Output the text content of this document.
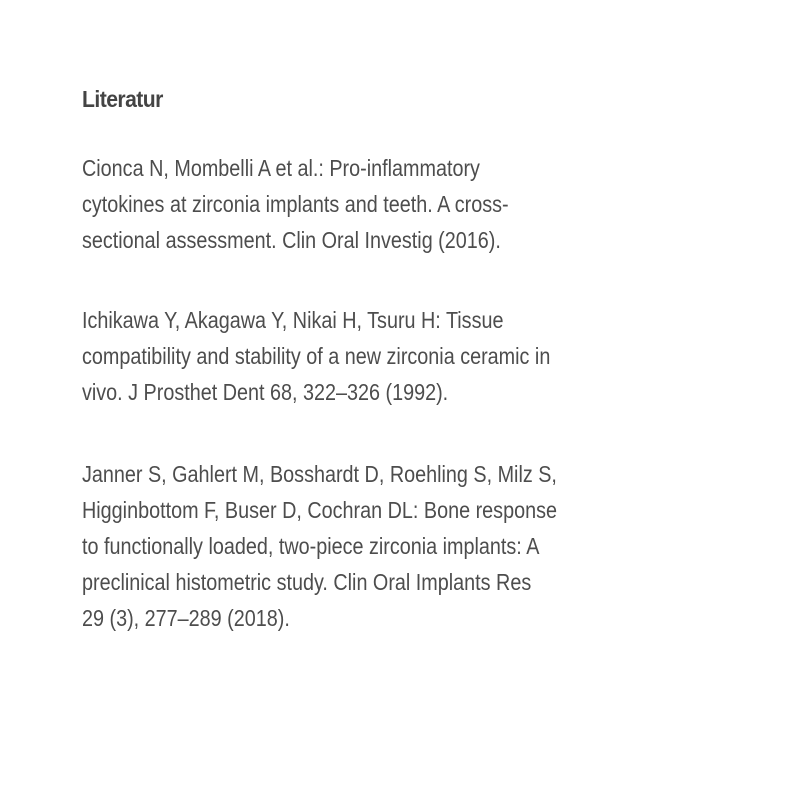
Literatur

Cionca N, Mombelli A et al.: Pro-inflammatory
cytokines at zirconia implants and teeth. A cross-
sectional assessment. Clin Oral Investig (2016).

Ichikawa Y, Akagawa Y, Nikai H, Tsuru H: Tissue
compatibility and stability of a new zirconia ceramic in
vivo. J Prosthet Dent 68, 322–326 (1992).

Janner S, Gahlert M, Bosshardt D, Roehling S, Milz S,
Higginbottom F, Buser D, Cochran DL: Bone response
to functionally loaded, two-piece zirconia implants: A
preclinical histometric study. Clin Oral Implants Res
29 (3), 277–289 (2018).
